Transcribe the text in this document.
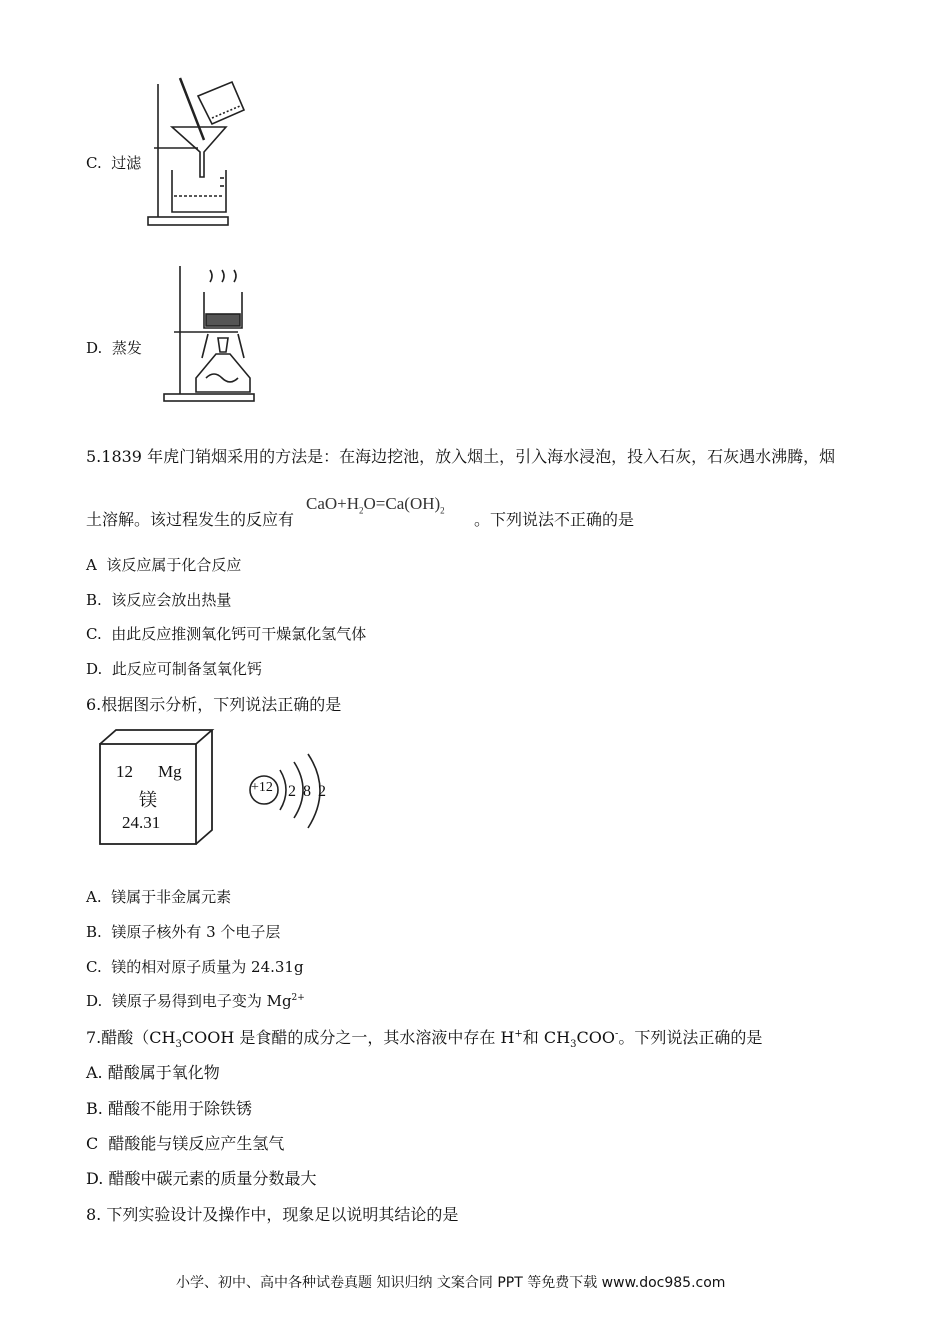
C. 过滤
D. 蒸发
5.1839 年虎门销烟采用的方法是：在海边挖池，放入烟土，引入海水浸泡，投入石灰，石灰遇水沸腾，烟
土溶解。该过程发生的反应有
$CaO+H_2O=Ca(OH)_2$ 。下列说法不正确的是
A 该反应属于化合反应
B. 该反应会放出热量
C. 由此反应推测氧化钙可干燥氯化氢气体
D. 此反应可制备氢氧化钙
6.根据图示分析，下列说法正确的是
12 Mg
镁
24.31
+12 2 8 2
A. 镁属于非金属元素
B. 镁原子核外有 3 个电子层
C. 镁的相对原子质量为 24.31g
D. 镁原子易得到电子变为 $Mg^{2+}$
7.醋酸（$CH_3COOH$ 是食醋的成分之一，其水溶液中存在 H+和 $CH_3COO^-$。下列说法正确的是
A. 醋酸属于氧化物
B. 醋酸不能用于除铁锈
C 醋酸能与镁反应产生氢气
D. 醋酸中碳元素的质量分数最大
8. 下列实验设计及操作中，现象足以说明其结论的是
小学、初中、高中各种试卷真题 知识归纳 文案合同 PPT 等免费下载 www.doc985.com
